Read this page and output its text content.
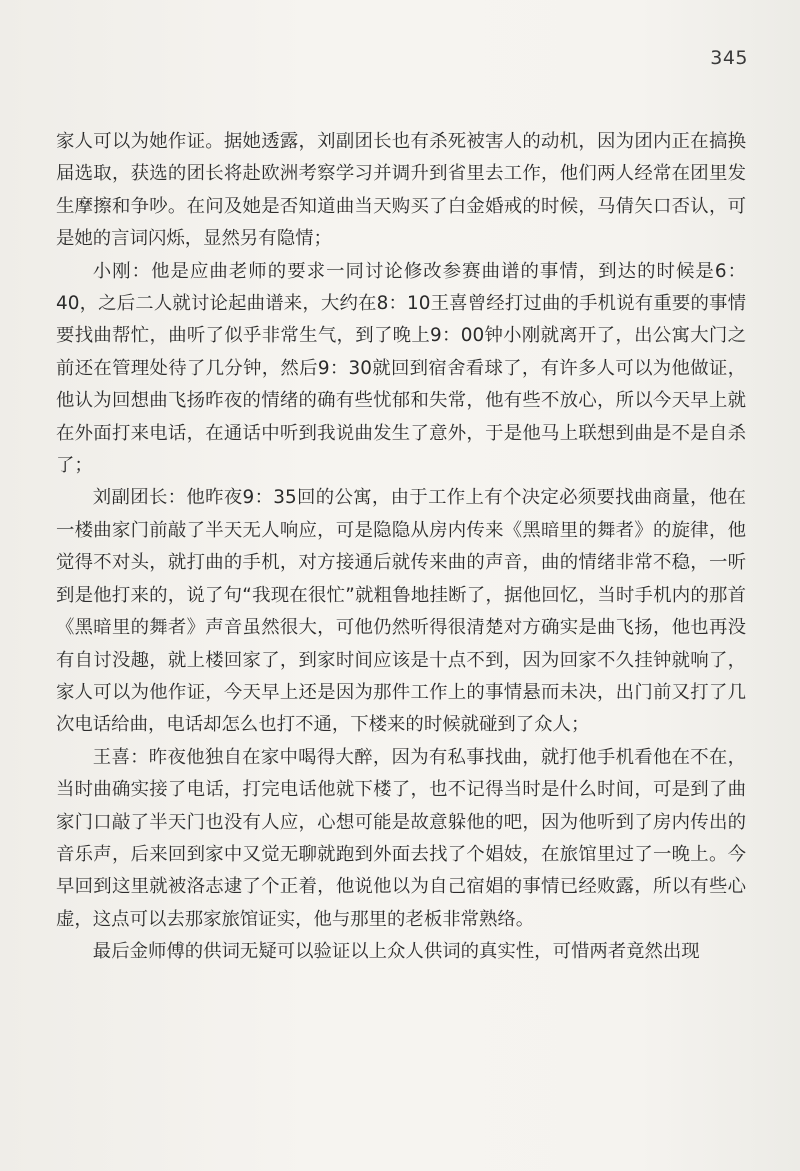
345

家人可以为她作证。据她透露，刘副团长也有杀死被害人的动机，因为团内正在搞换届选取，获选的团长将赴欧洲考察学习并调升到省里去工作，他们两人经常在团里发生摩擦和争吵。在问及她是否知道曲当天购买了白金婚戒的时候，马倩矢口否认，可是她的言词闪烁，显然另有隐情；

小刚：他是应曲老师的要求一同讨论修改参赛曲谱的事情，到达的时候是6：40，之后二人就讨论起曲谱来，大约在8：10王喜曾经打过曲的手机说有重要的事情要找曲帮忙，曲听了似乎非常生气，到了晚上9：00钟小刚就离开了，出公寓大门之前还在管理处待了几分钟，然后9：30就回到宿舍看球了，有许多人可以为他做证，他认为回想曲飞扬昨夜的情绪的确有些忧郁和失常，他有些不放心，所以今天早上就在外面打来电话，在通话中听到我说曲发生了意外，于是他马上联想到曲是不是自杀了；

刘副团长：他昨夜9：35回的公寓，由于工作上有个决定必须要找曲商量，他在一楼曲家门前敲了半天无人响应，可是隐隐从房内传来《黑暗里的舞者》的旋律，他觉得不对头，就打曲的手机，对方接通后就传来曲的声音，曲的情绪非常不稳，一听到是他打来的，说了句“我现在很忙”就粗鲁地挂断了，据他回忆，当时手机内的那首《黑暗里的舞者》声音虽然很大，可他仍然听得很清楚对方确实是曲飞扬，他也再没有自讨没趣，就上楼回家了，到家时间应该是十点不到，因为回家不久挂钟就响了，家人可以为他作证，今天早上还是因为那件工作上的事情悬而未决，出门前又打了几次电话给曲，电话却怎么也打不通，下楼来的时候就碰到了众人；

王喜：昨夜他独自在家中喝得大醉，因为有私事找曲，就打他手机看他在不在，当时曲确实接了电话，打完电话他就下楼了，也不记得当时是什么时间，可是到了曲家门口敲了半天门也没有人应，心想可能是故意躲他的吧，因为他听到了房内传出的音乐声，后来回到家中又觉无聊就跑到外面去找了个娼妓，在旅馆里过了一晚上。今早回到这里就被洛志逮了个正着，他说他以为自己宿娼的事情已经败露，所以有些心虚，这点可以去那家旅馆证实，他与那里的老板非常熟络。

最后金师傅的供词无疑可以验证以上众人供词的真实性，可惜两者竟然出现
